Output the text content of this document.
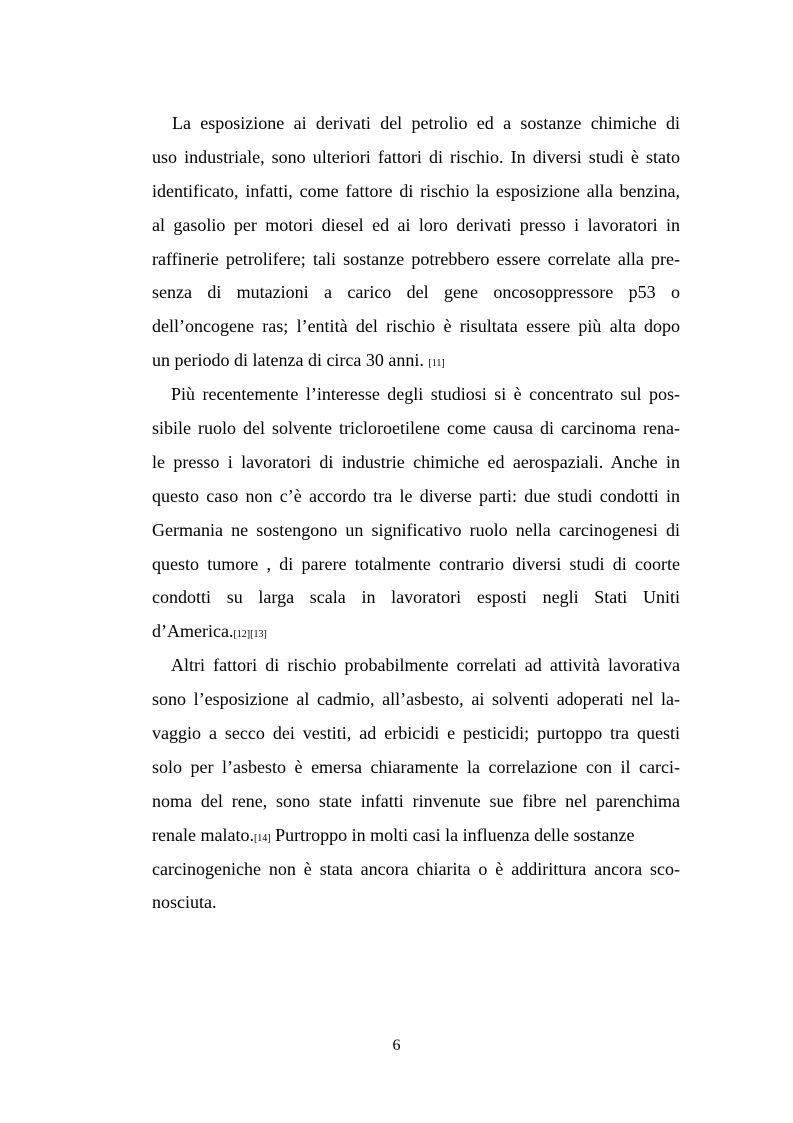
La esposizione ai derivati del petrolio ed a sostanze chimiche di
uso industriale, sono ulteriori fattori di rischio. In diversi studi è stato
identificato, infatti, come fattore di rischio la esposizione alla benzina,
al gasolio per motori diesel ed ai loro derivati presso i lavoratori in
raffinerie petrolifere; tali sostanze potrebbero essere correlate alla pre-
senza di mutazioni a carico del gene oncosoppressore p53 o
dell’oncogene ras; l’entità del rischio è risultata essere più alta dopo
un periodo di latenza di circa 30 anni. [11]
Più recentemente l’interesse degli studiosi si è concentrato sul pos-
sibile ruolo del solvente tricloroetilene come causa di carcinoma rena-
le presso i lavoratori di industrie chimiche ed aerospaziali. Anche in
questo caso non c’è accordo tra le diverse parti: due studi condotti in
Germania ne sostengono un significativo ruolo nella carcinogenesi di
questo tumore , di parere totalmente contrario diversi studi di coorte
condotti su larga scala in lavoratori esposti negli Stati Uniti
d’America.[12][13]
Altri fattori di rischio probabilmente correlati ad attività lavorativa
sono l’esposizione al cadmio, all’asbesto, ai solventi adoperati nel la-
vaggio a secco dei vestiti, ad erbicidi e pesticidi; purtoppo tra questi
solo per l’asbesto è emersa chiaramente la correlazione con il carci-
noma del rene, sono state infatti rinvenute sue fibre nel parenchima
renale malato.[14] Purtroppo in molti casi la influenza delle sostanze
carcinogeniche non è stata ancora chiarita o è addirittura ancora sco-
nosciuta.
6
